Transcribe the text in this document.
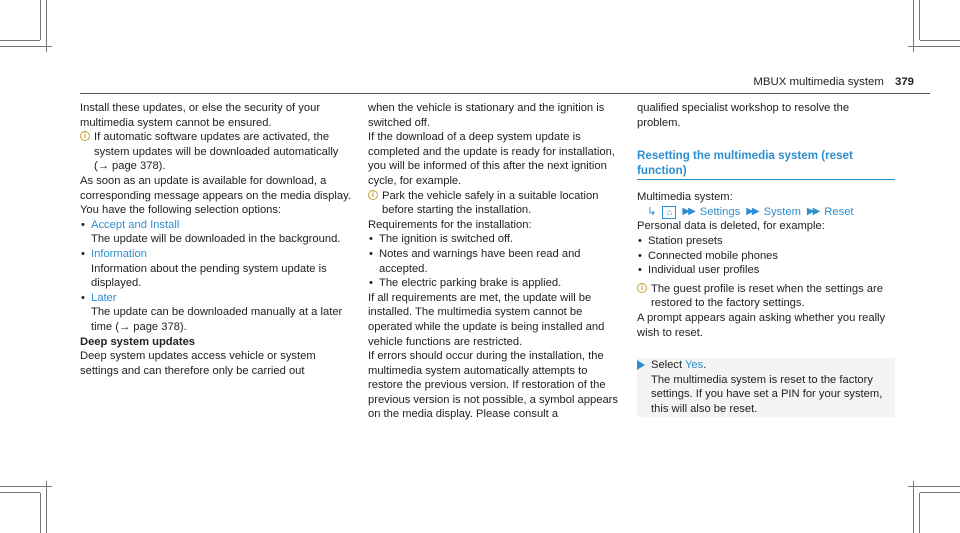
MBUX multimedia system 379

Install these updates, or else the security of your multimedia system cannot be ensured.

i If automatic software updates are activated, the system updates will be downloaded automatically (→ page 378).

As soon as an update is available for download, a corresponding message appears on the media display.

You have the following selection options:

• Accept and Install

The update will be downloaded in the background.

• Information

Information about the pending system update is displayed.

• Later

The update can be downloaded manually at a later time (→ page 378).

Deep system updates

Deep system updates access vehicle or system settings and can therefore only be carried out

when the vehicle is stationary and the ignition is switched off.

If the download of a deep system update is completed and the update is ready for installation, you will be informed of this after the next ignition cycle, for example.

i Park the vehicle safely in a suitable location before starting the installation.

Requirements for the installation:

• The ignition is switched off.
• Notes and warnings have been read and accepted.
• The electric parking brake is applied.

If all requirements are met, the update will be installed. The multimedia system cannot be operated while the update is being installed and vehicle functions are restricted.

If errors should occur during the installation, the multimedia system automatically attempts to restore the previous version. If restoration of the previous version is not possible, a symbol appears on the media display. Please consult a

qualified specialist workshop to resolve the problem.

Resetting the multimedia system (reset function)

Multimedia system:

↳	⌂	▶▶ Settings ▶▶ System ▶▶ Reset

Personal data is deleted, for example:

• Station presets
• Connected mobile phones
• Individual user profiles
i The guest profile is reset when the settings are restored to the factory settings.

A prompt appears again asking whether you really wish to reset.

Select Yes.
The multimedia system is reset to the factory settings. If you have set a PIN for your system, this will also be reset.
